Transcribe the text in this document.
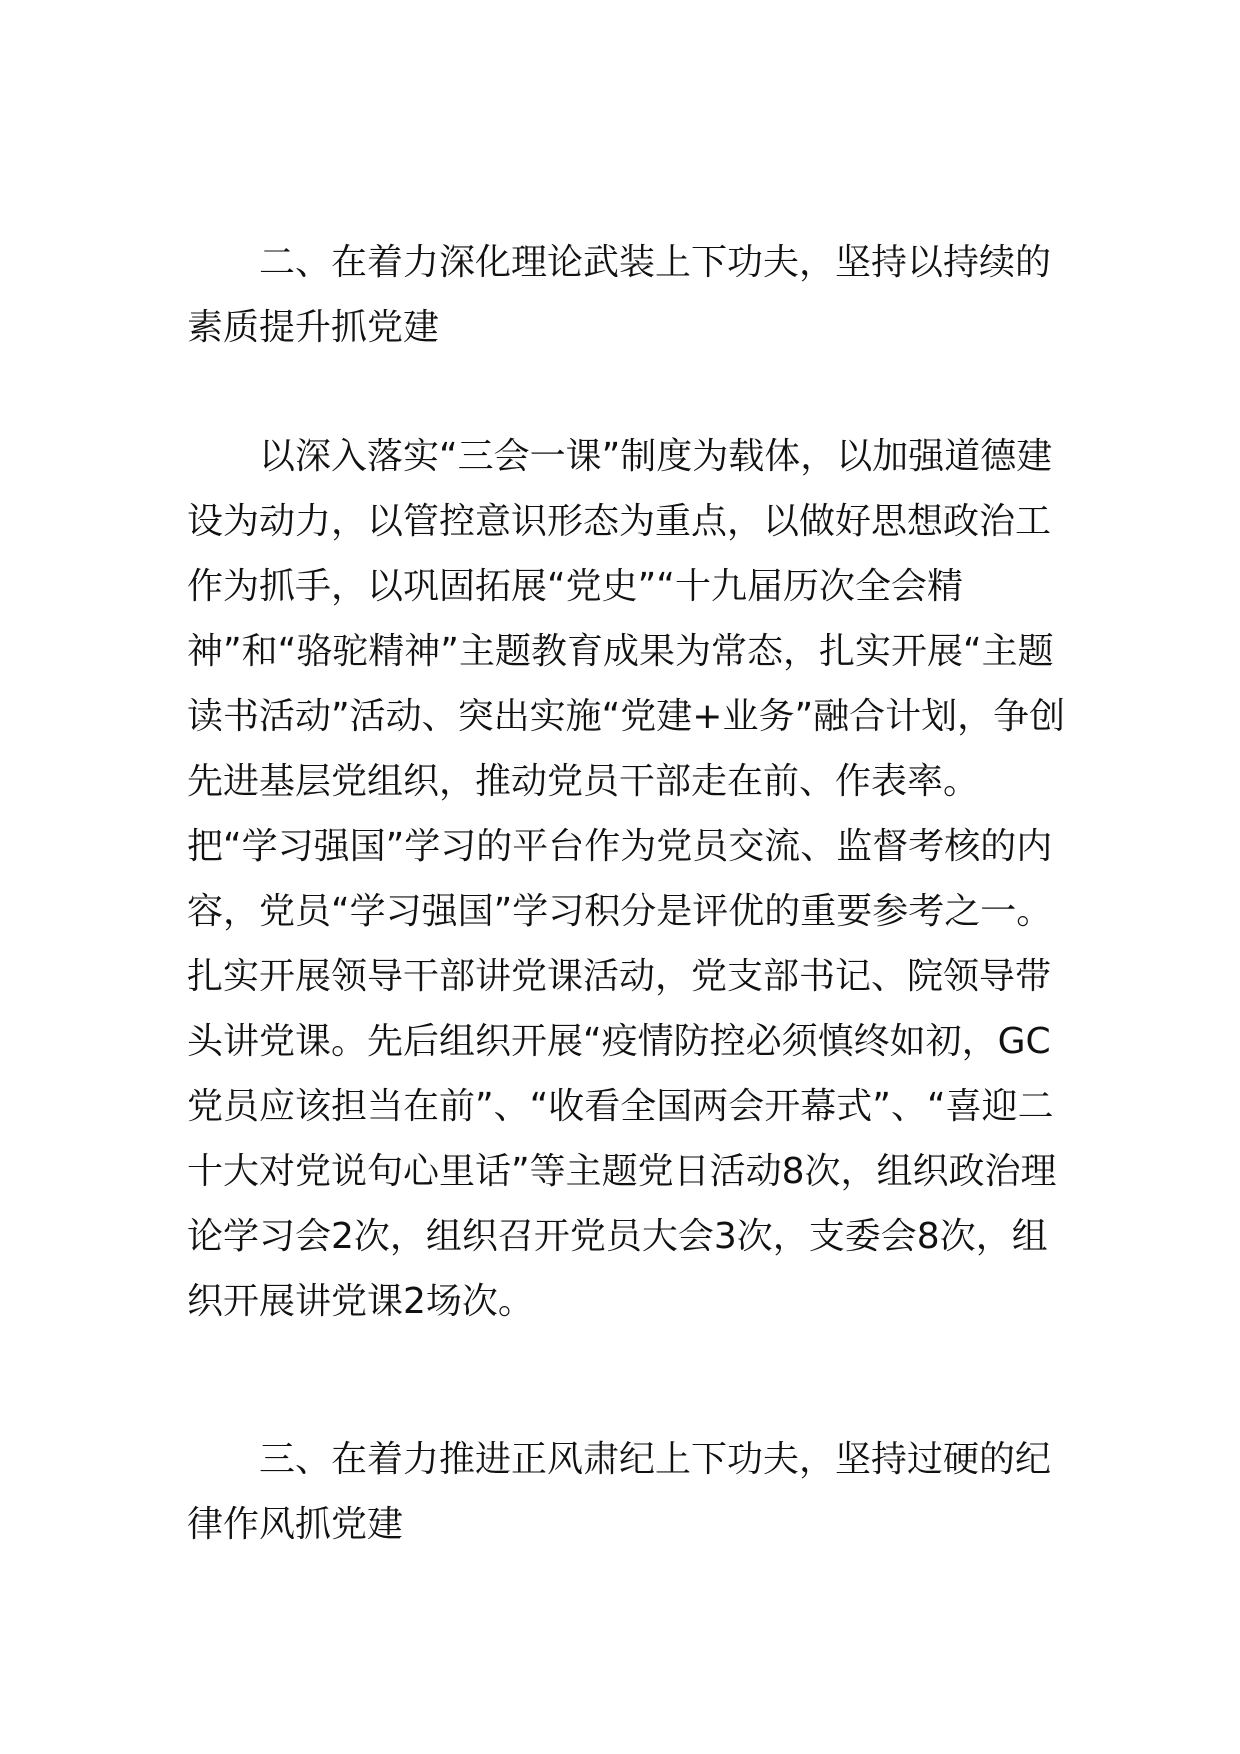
二、在着力深化理论武装上下功夫，坚持以持续的素质提升抓党建

以深入落实“三会一课”制度为载体，以加强道德建设为动力，以管控意识形态为重点，以做好思想政治工作为抓手，以巩固拓展“党史”“十九届历次全会精神”和“骆驼精神”主题教育成果为常态，扎实开展“主题读书活动”活动、突出实施“党建+业务”融合计划，争创先进基层党组织，推动党员干部走在前、作表率。把“学习强国”学习的平台作为党员交流、监督考核的内容，党员“学习强国”学习积分是评优的重要参考之一。扎实开展领导干部讲党课活动，党支部书记、院领导带头讲党课。先后组织开展“疫情防控必须慎终如初，GC党员应该担当在前”、“收看全国两会开幕式”、“喜迎二十大对党说句心里话”等主题党日活动8次，组织政治理论学习会2次，组织召开党员大会3次，支委会8次，组织开展讲党课2场次。

三、在着力推进正风肃纪上下功夫，坚持过硬的纪律作风抓党建
